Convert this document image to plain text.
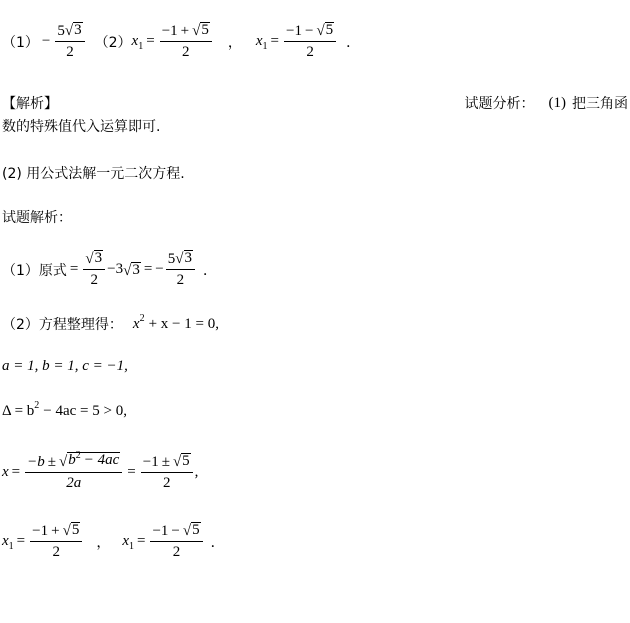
$(1) - \frac{5 √ 3}{2} (2)$ x $1 = \frac{-1 + √ 5}{2}$ ， x $1 = \frac{-1 - √ 5}{2}$ ．
【解析】	试题分析： (1) 把三角函
数的特殊值代入运算即可.
(2) 用公式法解一元二次方程.
试题解析：
（1）原式 = $\frac{√ 3}{2} - 3$ √ 3 = − $\frac{5 √ 3}{2}$ ．
（2）方程整理得： x 2 + x − 1 = 0,
a = 1, b = 1, c = −1,
Δ = b 2 − 4ac = 5 > 0,
$x = \frac{-b \pm √ b^2 - 4ac}{2a} = \frac{-1 \pm √ 5}{2}$ ,
x $1 = \frac{-1 + √ 5}{2}$ ， x $1 = \frac{-1 - √ 5}{2}$ ．
